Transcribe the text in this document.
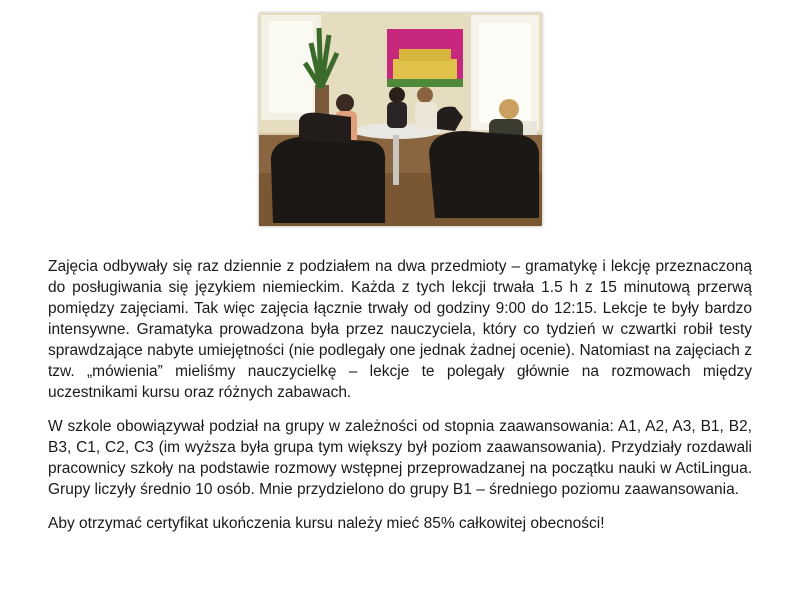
Zajęcia odbywały się raz dziennie z podziałem na dwa przedmioty – gramatykę i lekcję przeznaczoną do posługiwania się językiem niemieckim. Każda z tych lekcji trwała 1.5 h z 15 minutową przerwą pomiędzy zajęciami. Tak więc zajęcia łącznie trwały od godziny 9:00 do 12:15. Lekcje te były bardzo intensywne. Gramatyka prowadzona była przez nauczyciela, który co tydzień w czwartki robił testy sprawdzające nabyte umiejętności (nie podlegały one jednak żadnej ocenie). Natomiast na zajęciach z tzw. „mówienia” mieliśmy nauczycielkę – lekcje te polegały głównie na rozmowach między uczestnikami kursu oraz różnych zabawach.

W szkole obowiązywał podział na grupy w zależności od stopnia zaawansowania: A1, A2, A3, B1, B2, B3, C1, C2, C3 (im wyższa była grupa tym większy był poziom zaawansowania). Przydziały rozdawali pracownicy szkoły na podstawie rozmowy wstępnej przeprowadzanej na początku nauki w ActiLingua. Grupy liczyły średnio 10 osób. Mnie przydzielono do grupy B1 – średniego poziomu zaawansowania.

Aby otrzymać certyfikat ukończenia kursu należy mieć 85% całkowitej obecności!
